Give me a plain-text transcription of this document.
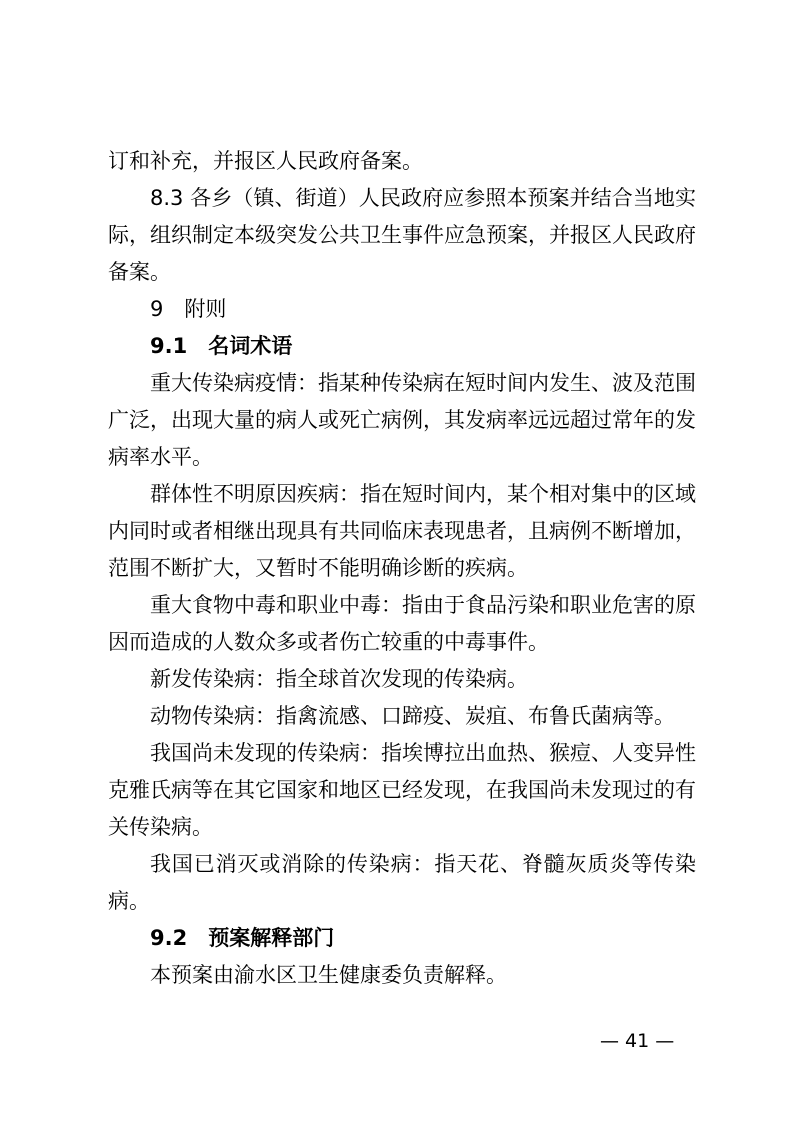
订和补充，并报区人民政府备案。

8.3 各乡（镇、街道）人民政府应参照本预案并结合当地实际，组织制定本级突发公共卫生事件应急预案，并报区人民政府备案。

9　附则

9.1　名词术语

重大传染病疫情：指某种传染病在短时间内发生、波及范围广泛，出现大量的病人或死亡病例，其发病率远远超过常年的发病率水平。

群体性不明原因疾病：指在短时间内，某个相对集中的区域内同时或者相继出现具有共同临床表现患者，且病例不断增加，范围不断扩大，又暂时不能明确诊断的疾病。

重大食物中毒和职业中毒：指由于食品污染和职业危害的原因而造成的人数众多或者伤亡较重的中毒事件。

新发传染病：指全球首次发现的传染病。

动物传染病：指禽流感、口蹄疫、炭疽、布鲁氏菌病等。

我国尚未发现的传染病：指埃博拉出血热、猴痘、人变异性克雅氏病等在其它国家和地区已经发现，在我国尚未发现过的有关传染病。

我国已消灭或消除的传染病：指天花、脊髓灰质炎等传染病。

9.2　预案解释部门

本预案由渝水区卫生健康委负责解释。

— 41 —
